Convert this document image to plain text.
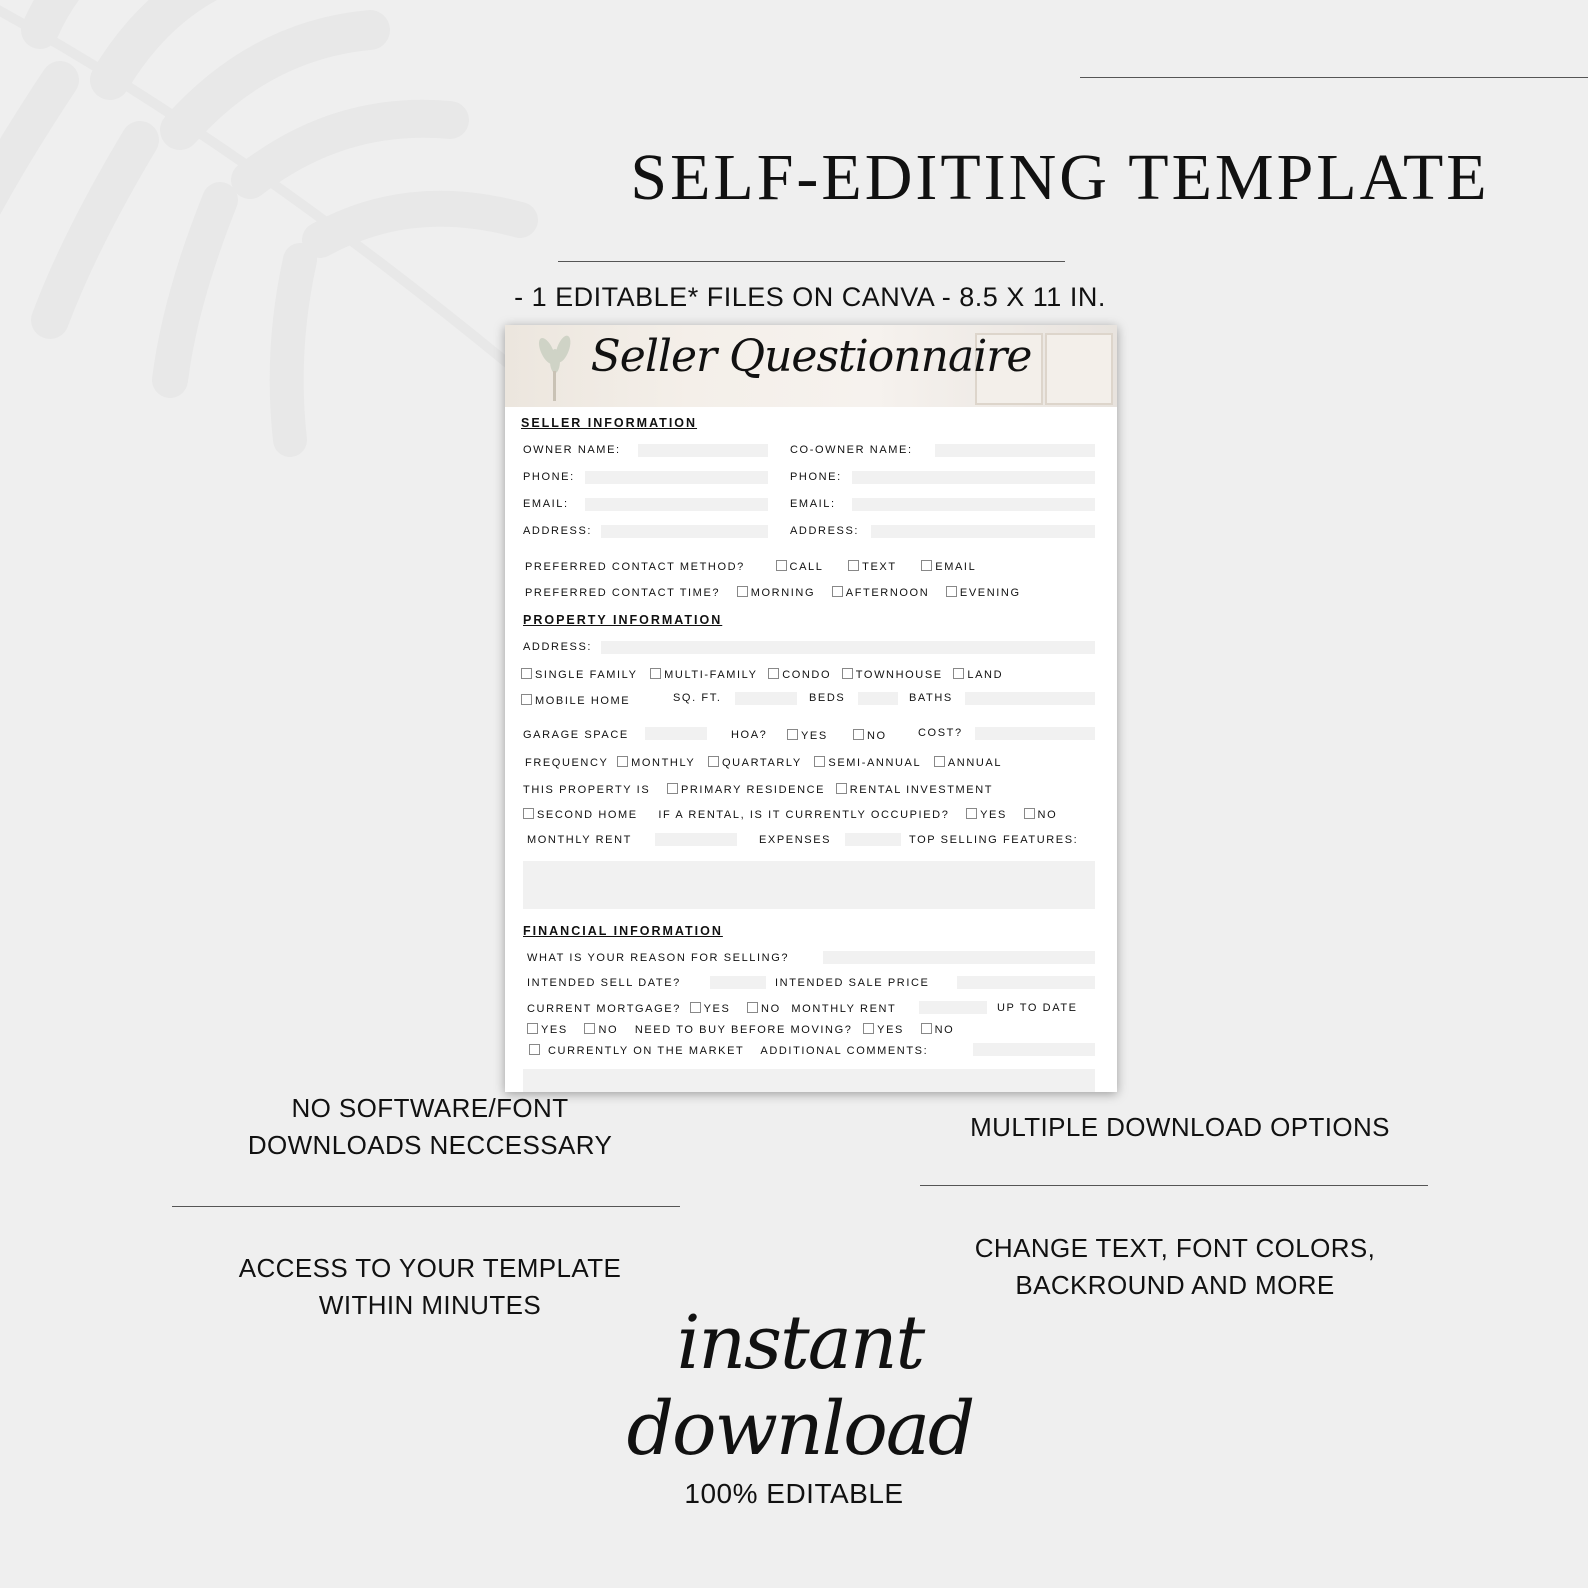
SELF-EDITING TEMPLATE
- 1 EDITABLE* FILES ON CANVA - 8.5 X 11 IN.
Seller Questionnaire
SELLER INFORMATION
OWNER NAME:	CO-OWNER NAME:
PHONE:	PHONE:
EMAIL:	EMAIL:
ADDRESS:	ADDRESS:
PREFERRED CONTACT METHOD?	CALL	TEXT	EMAIL
PREFERRED CONTACT TIME?	MORNING	AFTERNOON	EVENING
PROPERTY INFORMATION
ADDRESS:
SINGLE FAMILY MULTI-FAMILY CONDO TOWNHOUSE LAND
MOBILE HOME	SQ. FT.	BEDS	BATHS
GARAGE SPACE	HOA?	YES	NO	COST?
FREQUENCY MONTHLY QUARTARLY SEMI-ANNUAL ANNUAL
THIS PROPERTY IS	PRIMARY RESIDENCE RENTAL INVESTMENT
SECOND HOME IF A RENTAL, IS IT CURRENTLY OCCUPIED?	YES	NO
MONTHLY RENT	EXPENSES	TOP SELLING FEATURES:
FINANCIAL INFORMATION
WHAT IS YOUR REASON FOR SELLING?
INTENDED SELL DATE?	INTENDED SALE PRICE
CURRENT MORTGAGE? YES	NO MONTHLY RENT	UP TO DATE
YES	NO NEED TO BUY BEFORE MOVING? YES	NO
CURRENTLY ON THE MARKET ADDITIONAL COMMENTS:
NO SOFTWARE/FONT
DOWNLOADS NECCESSARY
MULTIPLE DOWNLOAD OPTIONS
ACCESS TO YOUR TEMPLATE
WITHIN MINUTES
CHANGE TEXT, FONT COLORS,
BACKROUND AND MORE
instant download
100% EDITABLE
